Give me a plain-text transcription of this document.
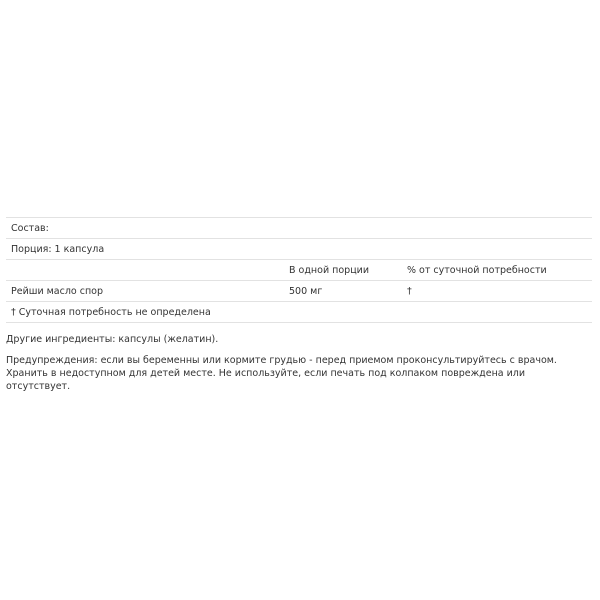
Состав:		
Порция: 1 капсула		
	В одной порции	% от суточной потребности
Рейши масло спор	500 мг	†
† Суточная потребность не определена		

Другие ингредиенты: капсулы (желатин).

Предупреждения: если вы беременны или кормите грудью - перед приемом проконсультируйтесь с врачом. Хранить в недоступном для детей месте. Не используйте, если печать под колпаком повреждена или отсутствует.
